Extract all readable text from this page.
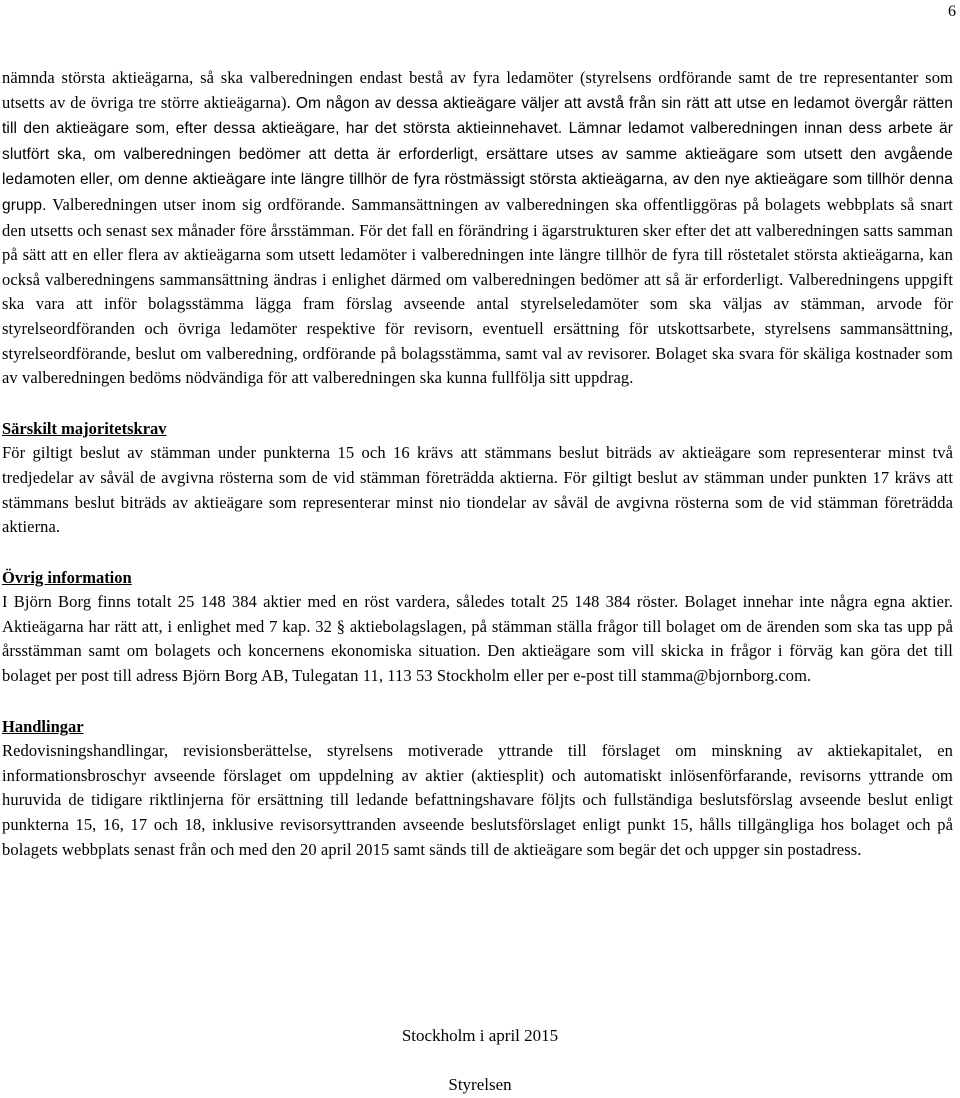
6

nämnda största aktieägarna, så ska valberedningen endast bestå av fyra ledamöter (styrelsens ordförande samt de tre representanter som utsetts av de övriga tre större aktieägarna). Om någon av dessa aktieägare väljer att avstå från sin rätt att utse en ledamot övergår rätten till den aktieägare som, efter dessa aktieägare, har det största aktieinnehavet. Lämnar ledamot valberedningen innan dess arbete är slutfört ska, om valberedningen bedömer att detta är erforderligt, ersättare utses av samme aktieägare som utsett den avgående ledamoten eller, om denne aktieägare inte längre tillhör de fyra röstmässigt största aktieägarna, av den nye aktieägare som tillhör denna grupp. Valberedningen utser inom sig ordförande. Sammansättningen av valberedningen ska offentliggöras på bolagets webbplats så snart den utsetts och senast sex månader före årsstämman. För det fall en förändring i ägarstrukturen sker efter det att valberedningen satts samman på sätt att en eller flera av aktieägarna som utsett ledamöter i valberedningen inte längre tillhör de fyra till röstetalet största aktieägarna, kan också valberedningens sammansättning ändras i enlighet därmed om valberedningen bedömer att så är erforderligt. Valberedningens uppgift ska vara att inför bolagsstämma lägga fram förslag avseende antal styrelseledamöter som ska väljas av stämman, arvode för styrelseordföranden och övriga ledamöter respektive för revisorn, eventuell ersättning för utskottsarbete, styrelsens sammansättning, styrelseordförande, beslut om valberedning, ordförande på bolagsstämma, samt val av revisorer. Bolaget ska svara för skäliga kostnader som av valberedningen bedöms nödvändiga för att valberedningen ska kunna fullfölja sitt uppdrag.

Särskilt majoritetskrav

För giltigt beslut av stämman under punkterna 15 och 16 krävs att stämmans beslut biträds av aktieägare som representerar minst två tredjedelar av såväl de avgivna rösterna som de vid stämman företrädda aktierna. För giltigt beslut av stämman under punkten 17 krävs att stämmans beslut biträds av aktieägare som representerar minst nio tiondelar av såväl de avgivna rösterna som de vid stämman företrädda aktierna.

Övrig information

I Björn Borg finns totalt 25 148 384 aktier med en röst vardera, således totalt 25 148 384 röster. Bolaget innehar inte några egna aktier. Aktieägarna har rätt att, i enlighet med 7 kap. 32 § aktiebolagslagen, på stämman ställa frågor till bolaget om de ärenden som ska tas upp på årsstämman samt om bolagets och koncernens ekonomiska situation. Den aktieägare som vill skicka in frågor i förväg kan göra det till bolaget per post till adress Björn Borg AB, Tulegatan 11, 113 53 Stockholm eller per e-post till stamma@bjornborg.com.

Handlingar

Redovisningshandlingar, revisionsberättelse, styrelsens motiverade yttrande till förslaget om minskning av aktiekapitalet, en informationsbroschyr avseende förslaget om uppdelning av aktier (aktiesplit) och automatiskt inlösenförfarande, revisorns yttrande om huruvida de tidigare riktlinjerna för ersättning till ledande befattningshavare följts och fullständiga beslutsförslag avseende beslut enligt punkterna 15, 16, 17 och 18, inklusive revisorsyttranden avseende beslutsförslaget enligt punkt 15, hålls tillgängliga hos bolaget och på bolagets webbplats senast från och med den 20 april 2015 samt sänds till de aktieägare som begär det och uppger sin postadress.

Stockholm i april 2015
Styrelsen
